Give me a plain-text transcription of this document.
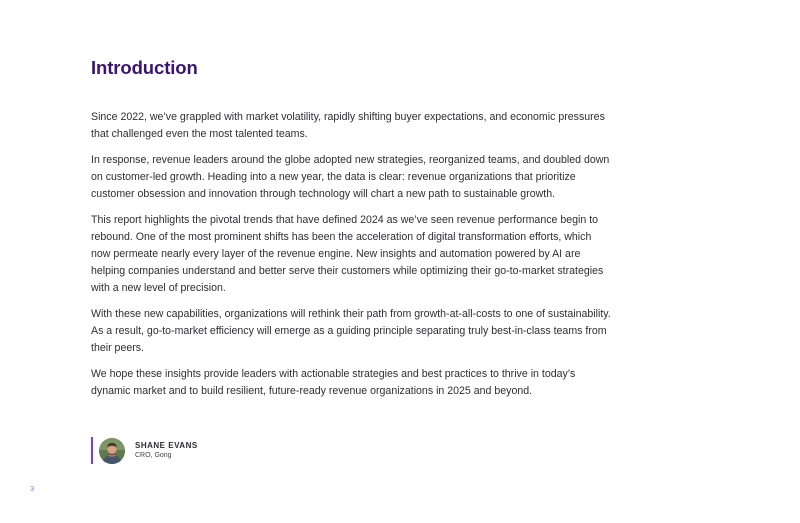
Introduction

Since 2022, we’ve grappled with market volatility, rapidly shifting buyer expectations, and economic pressures that challenged even the most talented teams.

In response, revenue leaders around the globe adopted new strategies, reorganized teams, and doubled down on customer-led growth. Heading into a new year, the data is clear: revenue organizations that prioritize customer obsession and innovation through technology will chart a new path to sustainable growth.

This report highlights the pivotal trends that have defined 2024 as we’ve seen revenue performance begin to rebound. One of the most prominent shifts has been the acceleration of digital transformation efforts, which now permeate nearly every layer of the revenue engine. New insights and automation powered by AI are helping companies understand and better serve their customers while optimizing their go-to-market strategies with a new level of precision.

With these new capabilities, organizations will rethink their path from growth-at-all-costs to one of sustainability. As a result, go-to-market efficiency will emerge as a guiding principle separating truly best-in-class teams from their peers.

We hope these insights provide leaders with actionable strategies and best practices to thrive in today’s dynamic market and to build resilient, future-ready revenue organizations in 2025 and beyond.

SHANE EVANS
CRO, Gong
3
